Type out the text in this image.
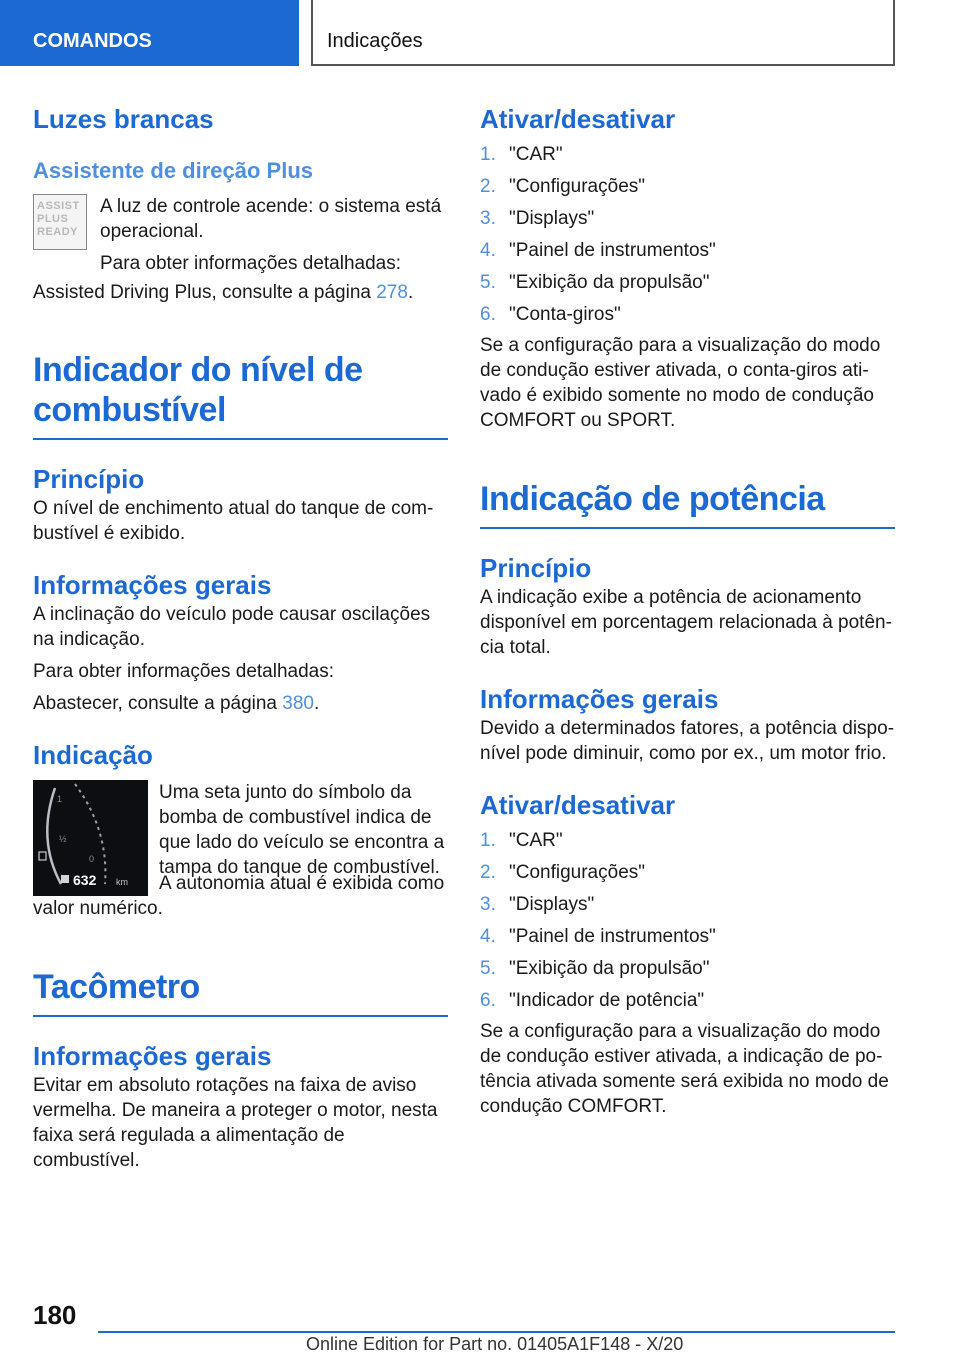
COMANDOS	Indicações
Luzes brancas
Assistente de direção Plus
ASSIST
PLUS
READY

A luz de controle acende: o sistema está operacional.

Para obter informações detalhadas:

Assisted Driving Plus, consulte a página 278.

Indicador do nível de combustível
Princípio

O nível de enchimento atual do tanque de combustível é exibido.

Informações gerais

A inclinação do veículo pode causar oscilações na indicação.

Para obter informações detalhadas:

Abastecer, consulte a página 380.

Indicação
1
½
0
632 km

Uma seta junto do símbolo da bomba de combustível indica de que lado do veículo se encontra a tampa do tanque de combustível.

A autonomia atual é exibida como valor numérico.

Tacômetro
Informações gerais

Evitar em absoluto rotações na faixa de aviso vermelha. De maneira a proteger o motor, nesta faixa será regulada a alimentação de combustível.

Ativar/desativar
1. "CAR"
2. "Configurações"
3. "Displays"
4. "Painel de instrumentos"
5. "Exibição da propulsão"
6. "Conta-giros"

Se a configuração para a visualização do modo de condução estiver ativada, o conta-giros ativado é exibido somente no modo de condução COMFORT ou SPORT.

Indicação de potência
Princípio

A indicação exibe a potência de acionamento disponível em porcentagem relacionada à potência total.

Informações gerais

Devido a determinados fatores, a potência disponível pode diminuir, como por ex., um motor frio.

Ativar/desativar
1. "CAR"
2. "Configurações"
3. "Displays"
4. "Painel de instrumentos"
5. "Exibição da propulsão"
6. "Indicador de potência"

Se a configuração para a visualização do modo de condução estiver ativada, a indicação de potência ativada somente será exibida no modo de condução COMFORT.

180
Online Edition for Part no. 01405A1F148 - X/20
